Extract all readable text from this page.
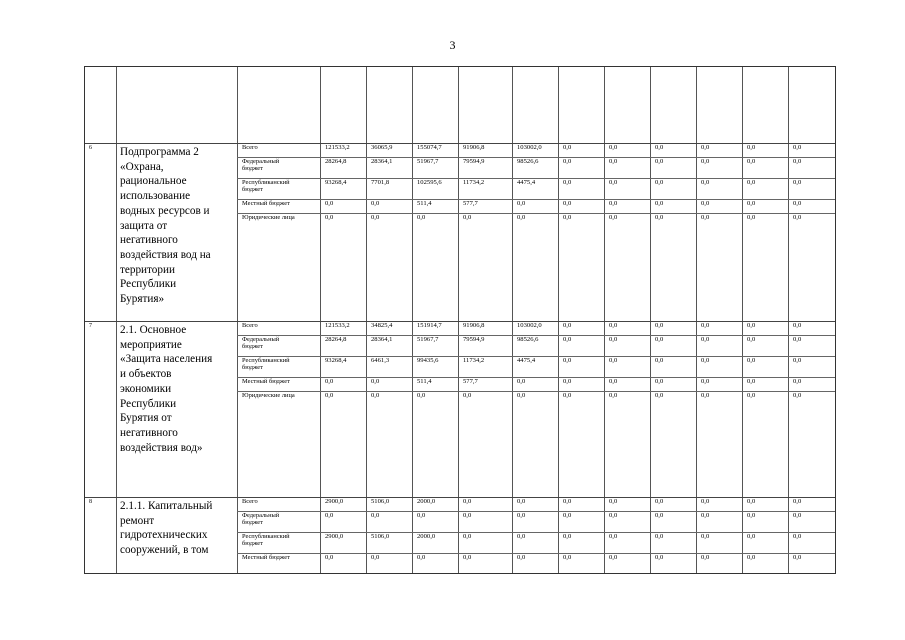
3
6	Подпрограмма 2
«Охрана,
рациональное
использование
водных ресурсов и
защита от
негативного
воздействия вод на
территории
Республики
Бурятия»
Всего	121533,2	36065,9	155074,7	91906,8	103002,0	0,0	0,0	0,0	0,0	0,0	0,0
Федеральный
бюджет
28264,8	28364,1	51967,7	79594,9	98526,6	0,0	0,0	0,0	0,0	0,0	0,0
Республиканский
бюджет
93268,4	7701,8	102595,6	11734,2	4475,4	0,0	0,0	0,0	0,0	0,0	0,0
Местный бюджет	0,0	0,0	511,4	577,7	0,0	0,0	0,0	0,0	0,0	0,0	0,0
Юридические лица	0,0	0,0	0,0	0,0	0,0	0,0	0,0	0,0	0,0	0,0	0,0
7	2.1. Основное
мероприятие
«Защита населения
и объектов
экономики
Республики
Бурятия от
негативного
воздействия вод»
Всего	121533,2	34825,4	151914,7	91906,8	103002,0	0,0	0,0	0,0	0,0	0,0	0,0
Федеральный
бюджет
28264,8	28364,1	51967,7	79594,9	98526,6	0,0	0,0	0,0	0,0	0,0	0,0
Республиканский
бюджет
93268,4	6461,3	99435,6	11734,2	4475,4	0,0	0,0	0,0	0,0	0,0	0,0
Местный бюджет	0,0	0,0	511,4	577,7	0,0	0,0	0,0	0,0	0,0	0,0	0,0
Юридические лица	0,0	0,0	0,0	0,0	0,0	0,0	0,0	0,0	0,0	0,0	0,0
8	2.1.1. Капитальный
ремонт
гидротехнических
сооружений, в том
Всего	2900,0	5106,0	2000,0	0,0	0,0	0,0	0,0	0,0	0,0	0,0	0,0
Федеральный
бюджет
0,0	0,0	0,0	0,0	0,0	0,0	0,0	0,0	0,0	0,0	0,0
Республиканский
бюджет
2900,0	5106,0	2000,0	0,0	0,0	0,0	0,0	0,0	0,0	0,0	0,0
Местный бюджет	0,0	0,0	0,0	0,0	0,0	0,0	0,0	0,0	0,0	0,0	0,0
